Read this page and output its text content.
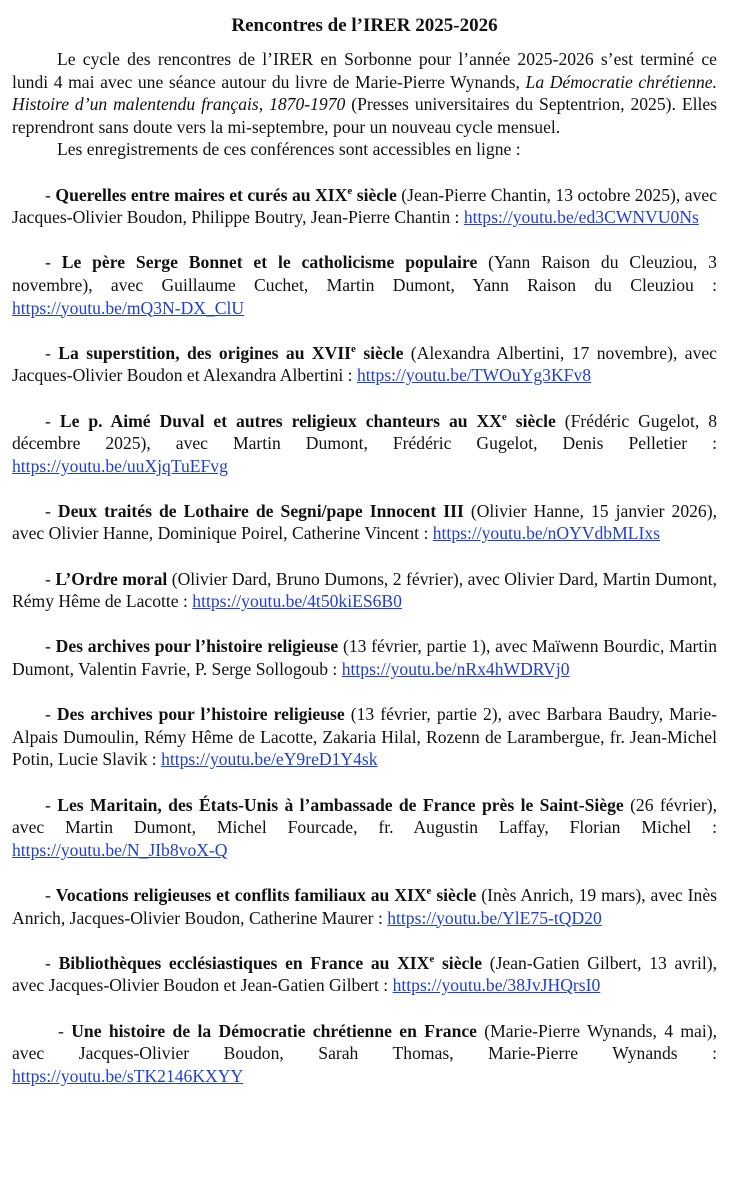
Rencontres de l’IRER 2025-2026

Le cycle des rencontres de l’IRER en Sorbonne pour l’année 2025-2026 s’est terminé ce lundi 4 mai avec une séance autour du livre de Marie-Pierre Wynands, La Démocratie chrétienne. Histoire d’un malentendu français, 1870-1970 (Presses universitaires du Septentrion, 2025). Elles reprendront sans doute vers la mi-septembre, pour un nouveau cycle mensuel.

Les enregistrements de ces conférences sont accessibles en ligne :

- Querelles entre maires et curés au XIXe siècle (Jean-Pierre Chantin, 13 octobre 2025), avec Jacques-Olivier Boudon, Philippe Boutry, Jean-Pierre Chantin : https://youtu.be/ed3CWNVU0Ns

- Le père Serge Bonnet et le catholicisme populaire (Yann Raison du Cleuziou, 3 novembre), avec Guillaume Cuchet, Martin Dumont, Yann Raison du Cleuziou : https://youtu.be/mQ3N-DX_ClU

- La superstition, des origines au XVIIe siècle (Alexandra Albertini, 17 novembre), avec Jacques-Olivier Boudon et Alexandra Albertini : https://youtu.be/TWOuYg3KFv8

- Le p. Aimé Duval et autres religieux chanteurs au XXe siècle (Frédéric Gugelot, 8 décembre 2025), avec Martin Dumont, Frédéric Gugelot, Denis Pelletier : https://youtu.be/uuXjqTuEFvg

- Deux traités de Lothaire de Segni/pape Innocent III (Olivier Hanne, 15 janvier 2026), avec Olivier Hanne, Dominique Poirel, Catherine Vincent : https://youtu.be/nOYVdbMLIxs

- L’Ordre moral (Olivier Dard, Bruno Dumons, 2 février), avec Olivier Dard, Martin Dumont, Rémy Hême de Lacotte : https://youtu.be/4t50kiES6B0

- Des archives pour l’histoire religieuse (13 février, partie 1), avec Maïwenn Bourdic, Martin Dumont, Valentin Favrie, P. Serge Sollogoub : https://youtu.be/nRx4hWDRVj0

- Des archives pour l’histoire religieuse (13 février, partie 2), avec Barbara Baudry, Marie-Alpais Dumoulin, Rémy Hême de Lacotte, Zakaria Hilal, Rozenn de Larambergue, fr. Jean-Michel Potin, Lucie Slavik : https://youtu.be/eY9reD1Y4sk

- Les Maritain, des États-Unis à l’ambassade de France près le Saint-Siège (26 février), avec Martin Dumont, Michel Fourcade, fr. Augustin Laffay, Florian Michel : https://youtu.be/N_JIb8voX-Q

- Vocations religieuses et conflits familiaux au XIXe siècle (Inès Anrich, 19 mars), avec Inès Anrich, Jacques-Olivier Boudon, Catherine Maurer : https://youtu.be/YlE75-tQD20

- Bibliothèques ecclésiastiques en France au XIXe siècle (Jean-Gatien Gilbert, 13 avril), avec Jacques-Olivier Boudon et Jean-Gatien Gilbert : https://youtu.be/38JvJHQrsI0

- Une histoire de la Démocratie chrétienne en France (Marie-Pierre Wynands, 4 mai), avec Jacques-Olivier Boudon, Sarah Thomas, Marie-Pierre Wynands : https://youtu.be/sTK2146KXYY
